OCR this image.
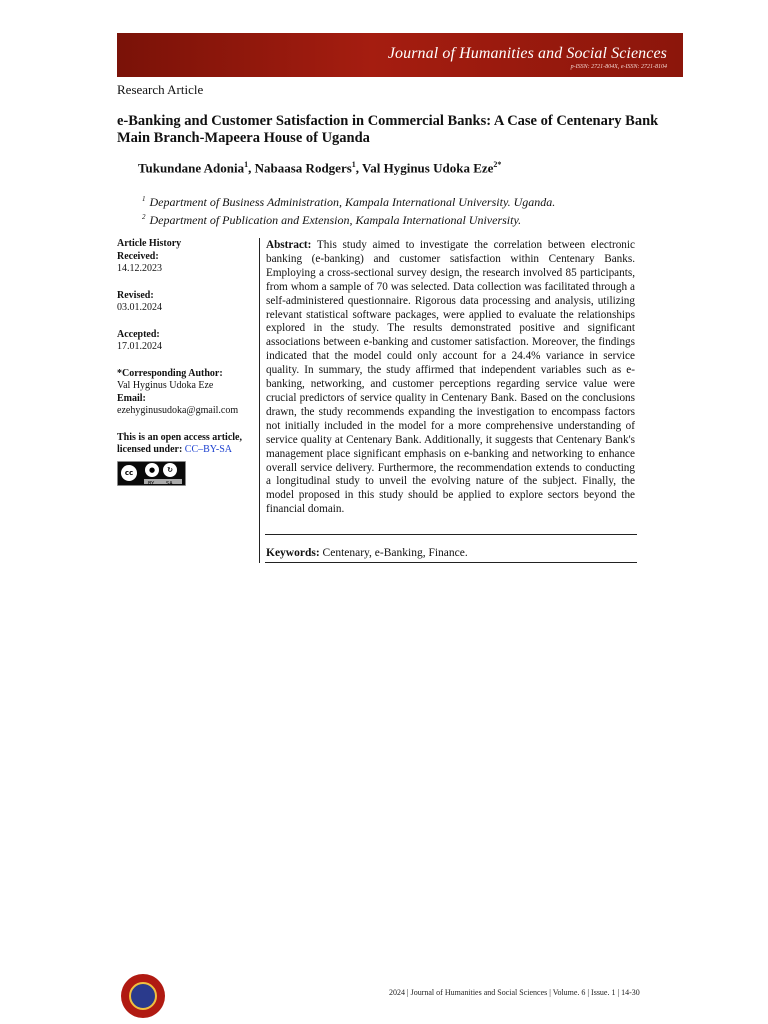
Journal of Humanities and Social Sciences
p-ISSN: 2721-804X, e-ISSN: 2721-8104
Research Article
e-Banking and Customer Satisfaction in Commercial Banks: A Case of Centenary Bank Main Branch-Mapeera House of Uganda
Tukundane Adonia$^1$, Nabaasa Rodgers$^1$, Val Hyginus Udoka Eze$^{2*}$
$^1$ Department of Business Administration, Kampala International University. Uganda.
$^2$ Department of Publication and Extension, Kampala International University.
Article History
Received:
14.12.2023
Revised:
03.01.2024
Accepted:
17.01.2024
*Corresponding Author:
Val Hyginus Udoka Eze
Email:
ezehyginusudoka@gmail.com
This is an open access article,
licensed under: CC–BY-SA
cc	●	↻
BY SA
Abstract: This study aimed to investigate the correlation between electronic banking (e-banking) and customer satisfaction within Centenary Banks. Employing a cross-sectional survey design, the research involved 85 participants, from whom a sample of 70 was selected. Data collection was facilitated through a self-administered questionnaire. Rigorous data processing and analysis, utilizing relevant statistical software packages, were applied to evaluate the relationships explored in the study. The results demonstrated positive and significant associations between e-banking and customer satisfaction. Moreover, the findings indicated that the model could only account for a 24.4% variance in service quality. In summary, the study affirmed that independent variables such as e-banking, networking, and customer perceptions regarding service value were crucial predictors of service quality in Centenary Bank. Based on the conclusions drawn, the study recommends expanding the investigation to encompass factors not initially included in the model for a more comprehensive understanding of service quality at Centenary Bank. Additionally, it suggests that Centenary Bank's management place significant emphasis on e-banking and networking to enhance overall service delivery. Furthermore, the recommendation extends to conducting a longitudinal study to unveil the evolving nature of the subject. Finally, the model proposed in this study should be applied to explore sectors beyond the financial domain.
Keywords: Centenary, e-Banking, Finance.
2024 | Journal of Humanities and Social Sciences | Volume. 6 | Issue. 1 | 14-30
